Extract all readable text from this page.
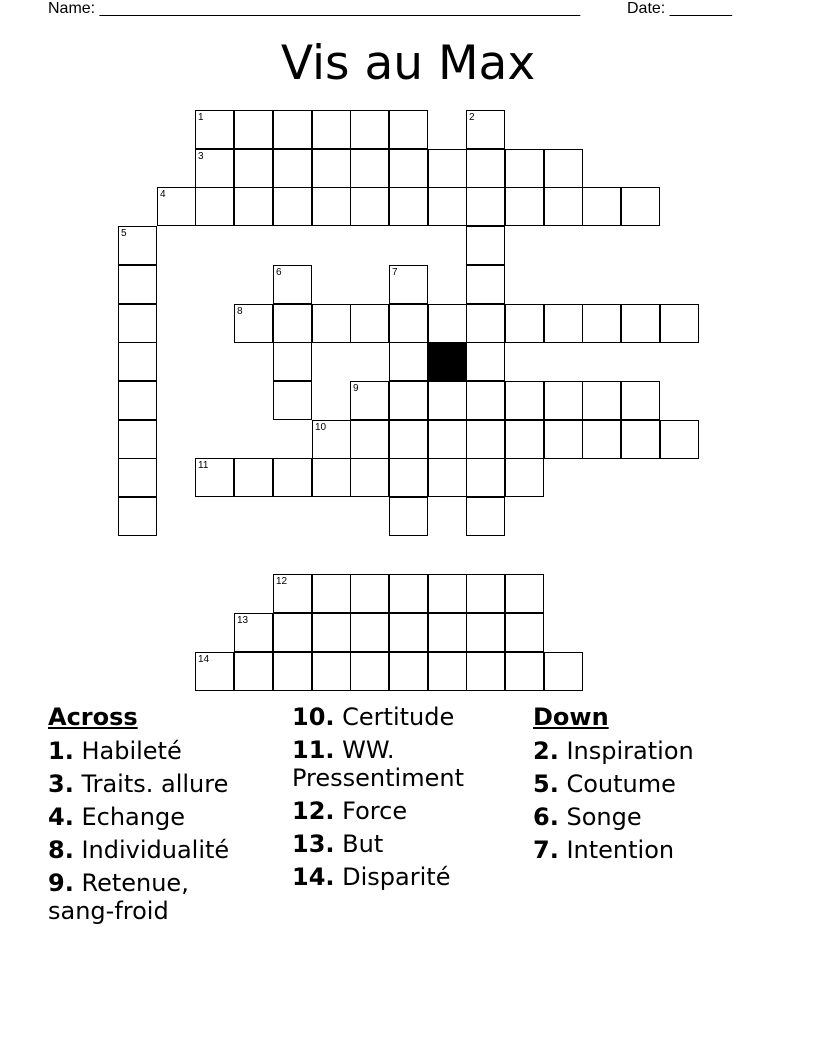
Name: ______________________________________________________	Date: _______
Vis au Max
1	2
3
4
5
6	7
8
9
10
11
12
13
14
Across
1. Habileté
3. Traits. allure
4. Echange
8. Individualité
9. Retenue, sang-froid
10. Certitude
11. WW. Pressentiment
12. Force
13. But
14. Disparité
Down
2. Inspiration
5. Coutume
6. Songe
7. Intention
